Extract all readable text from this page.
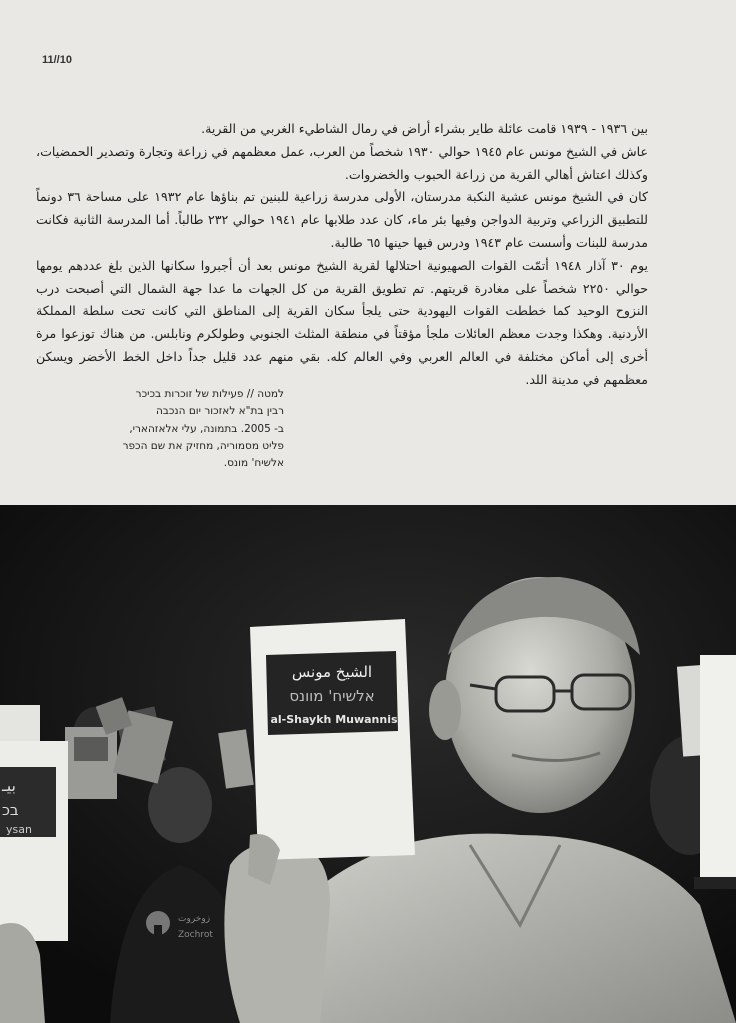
11//10

بين ١٩٣٦ - ١٩٣٩ قامت عائلة طاير بشراء أراض في رمال الشاطيء الغربي من القرية.

عاش في الشيخ مونس عام ١٩٤٥ حوالي ١٩٣٠ شخصاً من العرب، عمل معظمهم في زراعة وتجارة وتصدير الحمضيات، وكذلك اعتاش أهالي القرية من زراعة الحبوب والخضروات.

كان في الشيخ مونس عشية النكبة مدرستان، الأولى مدرسة زراعية للبنين تم بناؤها عام ١٩٣٢ على مساحة ٣٦ دونماً للتطبيق الزراعي وتربية الدواجن وفيها بئر ماء، كان عدد طلابها عام ١٩٤١ حوالي ٢٣٢ طالباً. أما المدرسة الثانية فكانت مدرسة للبنات وأسست عام ١٩٤٣ ودرس فيها حينها ٦٥ طالبة.

يوم ٣٠ آذار ١٩٤٨ أتمّت القوات الصهيونية احتلالها لقرية الشيخ مونس بعد أن أجبروا سكانها الذين بلغ عددهم يومها حوالي ٢٢٥٠ شخصاً على مغادرة قريتهم. تم تطويق القرية من كل الجهات ما عدا جهة الشمال التي أصبحت درب النزوح الوحيد كما خططت القوات اليهودية حتى يلجأ سكان القرية إلى المناطق التي كانت تحت سلطة المملكة الأردنية. وهكذا وجدت معظم العائلات ملجأ مؤقتاً في منطقة المثلث الجنوبي وطولكرم ونابلس. من هناك توزعوا مرة أخرى إلى أماكن مختلفة في العالم العربي وفي العالم كله. بقي منهم عدد قليل جداً داخل الخط الأخضر ويسكن معظمهم في مدينة اللد.

למטה // פעילות של זוכרות בכיכר
רבין בת"א לאזכור יום הנכבה
ב- 2005. בתמונה, עלי אלאזהארי,
פליט מסמוריה, מחזיק את שם הכפר
אלשיח' מונס.
زوخروت
Zochrot
بيـ
בכ
ysan
الشيخ مونس
אלשיח' מוונס
al-Shaykh Muwannis
